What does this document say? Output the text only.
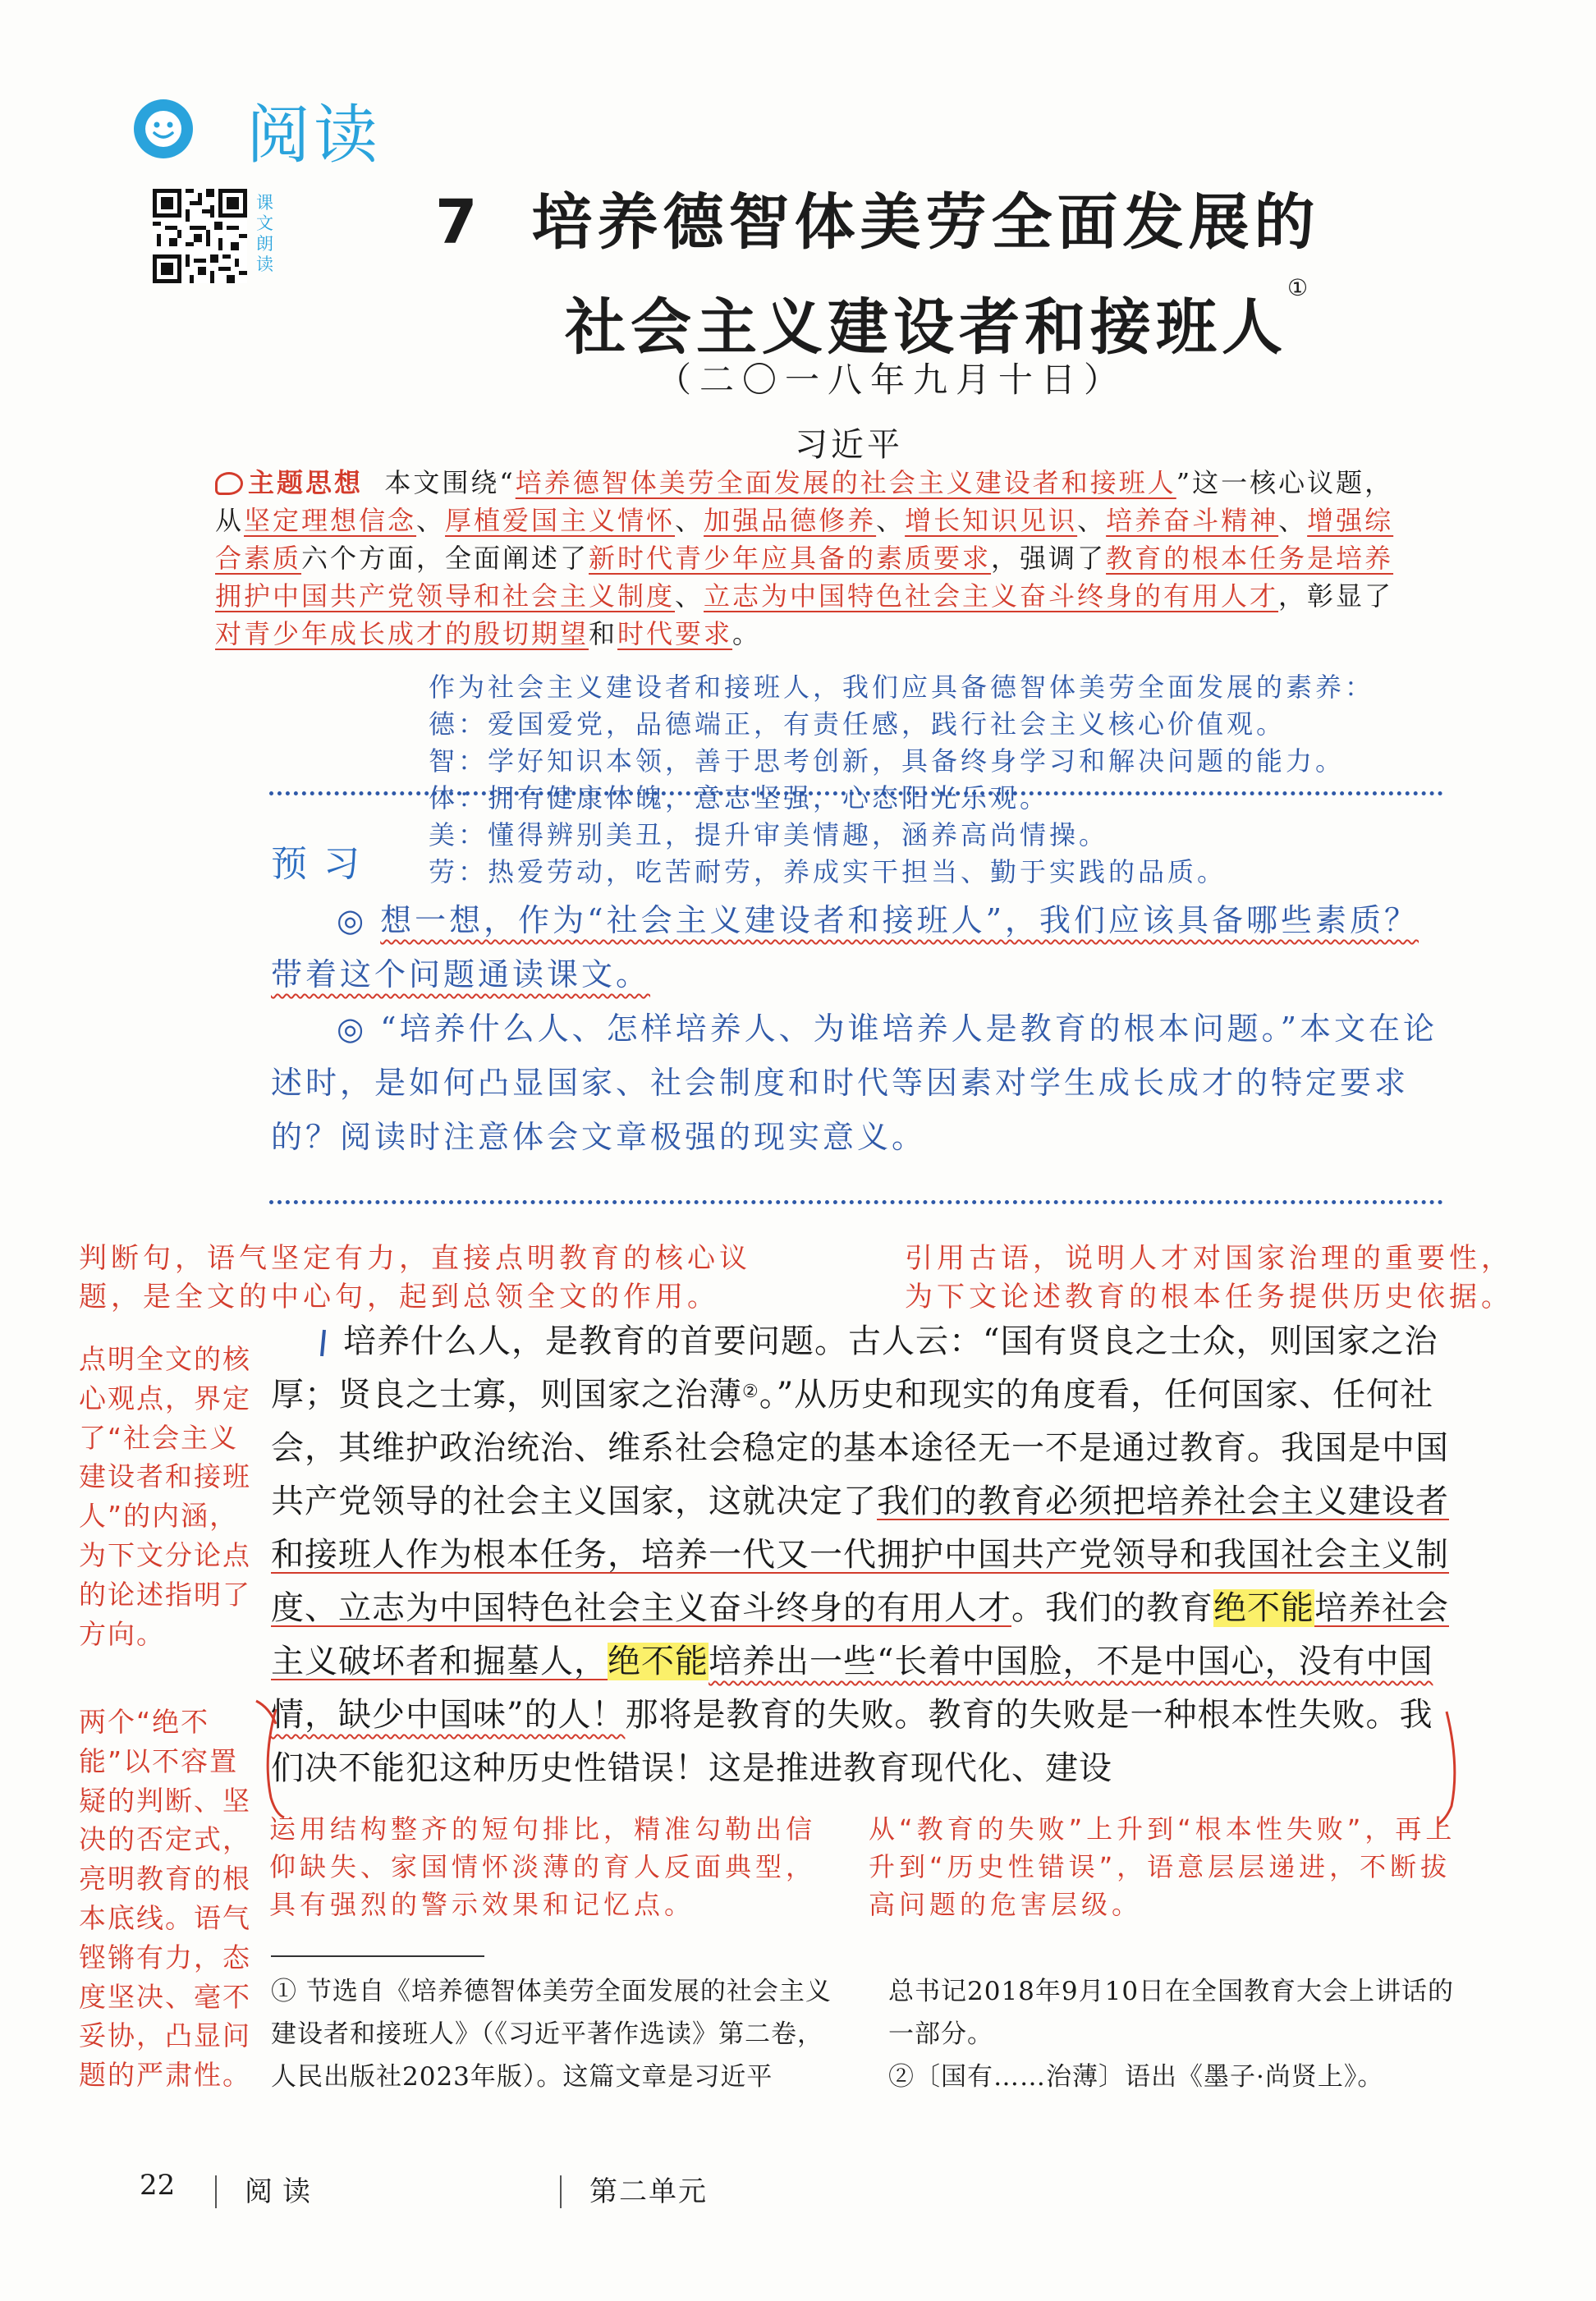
阅读
课文朗读
7 培养德智体美劳全面发展的
社会主义建设者和接班人①
（二〇一八年九月十日）
习近平
主题思想 本文围绕“培养德智体美劳全面发展的社会主义建设者和接班人”这一核心议题，从坚定理想信念、厚植爱国主义情怀、加强品德修养、增长知识见识、培养奋斗精神、增强综合素质六个方面，全面阐述了新时代青少年应具备的素质要求，强调了教育的根本任务是培养拥护中国共产党领导和社会主义制度、立志为中国特色社会主义奋斗终身的有用人才，彰显了对青少年成长成才的殷切期望和时代要求。
作为社会主义建设者和接班人，我们应具备德智体美劳全面发展的素养：
德：爱国爱党，品德端正，有责任感，践行社会主义核心价值观。
智：学好知识本领，善于思考创新，具备终身学习和解决问题的能力。
体：拥有健康体魄，意志坚强，心态阳光乐观。
美：懂得辨别美丑，提升审美情趣，涵养高尚情操。
劳：热爱劳动，吃苦耐劳，养成实干担当、勤于实践的品质。
预习
◎ 想一想，作为“社会主义建设者和接班人”，我们应该具备哪些素质？带着这个问题通读课文。
◎ “培养什么人、怎样培养人、为谁培养人是教育的根本问题。”本文在论述时，是如何凸显国家、社会制度和时代等因素对学生成长成才的特定要求的？阅读时注意体会文章极强的现实意义。
判断句，语气坚定有力，直接点明教育的核心议题，是全文的中心句，起到总领全文的作用。
引用古语，说明人才对国家治理的重要性，为下文论述教育的根本任务提供历史依据。
点明全文的核心观点，界定了“社会主义建设者和接班人”的内涵，为下文分论点的论述指明了方向。
两个“绝不能”以不容置疑的判断、坚决的否定式，亮明教育的根本底线。语气铿锵有力，态度坚决、毫不妥协，凸显问题的严肃性。
运用结构整齐的短句排比，精准勾勒出信仰缺失、家国情怀淡薄的育人反面典型，具有强烈的警示效果和记忆点。
从“教育的失败”上升到“根本性失败”，再上升到“历史性错误”，语意层层递进，不断拔高问题的危害层级。

培养什么人，是教育的首要问题。古人云：“国有贤良之士众，则国家之治厚；贤良之士寡，则国家之治薄②。”从历史和现实的角度看，任何国家、任何社会，其维护政治统治、维系社会稳定的基本途径无一不是通过教育。我国是中国共产党领导的社会主义国家，这就决定了我们的教育必须把培养社会主义建设者和接班人作为根本任务，培养一代又一代拥护中国共产党领导和我国社会主义制度、立志为中国特色社会主义奋斗终身的有用人才。我们的教育绝不能培养社会主义破坏者和掘墓人，绝不能培养出一些“长着中国脸，不是中国心，没有中国情，缺少中国味”的人！那将是教育的失败。教育的失败是一种根本性失败。我们决不能犯这种历史性错误！这是推进教育现代化、建设

① 节选自《培养德智体美劳全面发展的社会主义建设者和接班人》（《习近平著作选读》第二卷，人民出版社2023年版）。这篇文章是习近平
总书记2018年9月10日在全国教育大会上讲话的一部分。
②〔国有……治薄〕语出《墨子·尚贤上》。
22 阅读	第二单元
